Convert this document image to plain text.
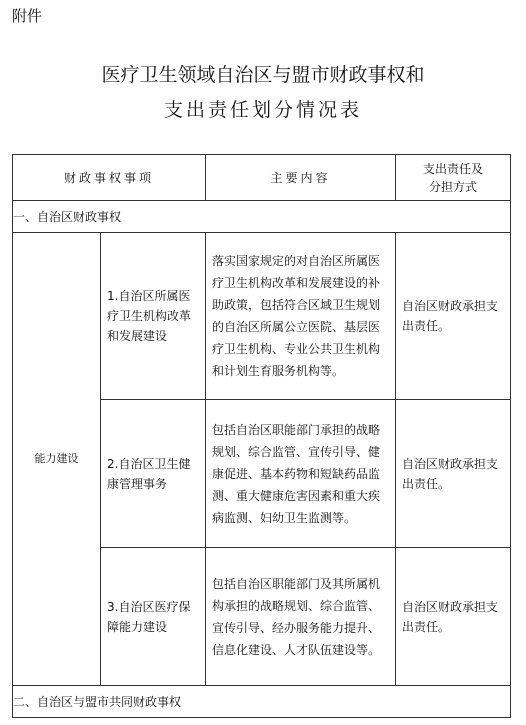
附件
医疗卫生领域自治区与盟市财政事权和
支出责任划分情况表
财政事权事项		主要内容	支出责任及分担方式
一、自治区财政事权			
能力建设	1.自治区所属医疗卫生机构改革和发展建设	落实国家规定的对自治区所属医疗卫生机构改革和发展建设的补助政策，包括符合区域卫生规划的自治区所属公立医院、基层医疗卫生机构、专业公共卫生机构和计划生育服务机构等。	自治区财政承担支出责任。
	2.自治区卫生健康管理事务	包括自治区职能部门承担的战略规划、综合监管、宣传引导、健康促进、基本药物和短缺药品监测、重大健康危害因素和重大疾病监测、妇幼卫生监测等。	自治区财政承担支出责任。
	3.自治区医疗保障能力建设	包括自治区职能部门及其所属机构承担的战略规划、综合监管、宣传引导、经办服务能力提升、信息化建设、人才队伍建设等。	自治区财政承担支出责任。
二、自治区与盟市共同财政事权			
